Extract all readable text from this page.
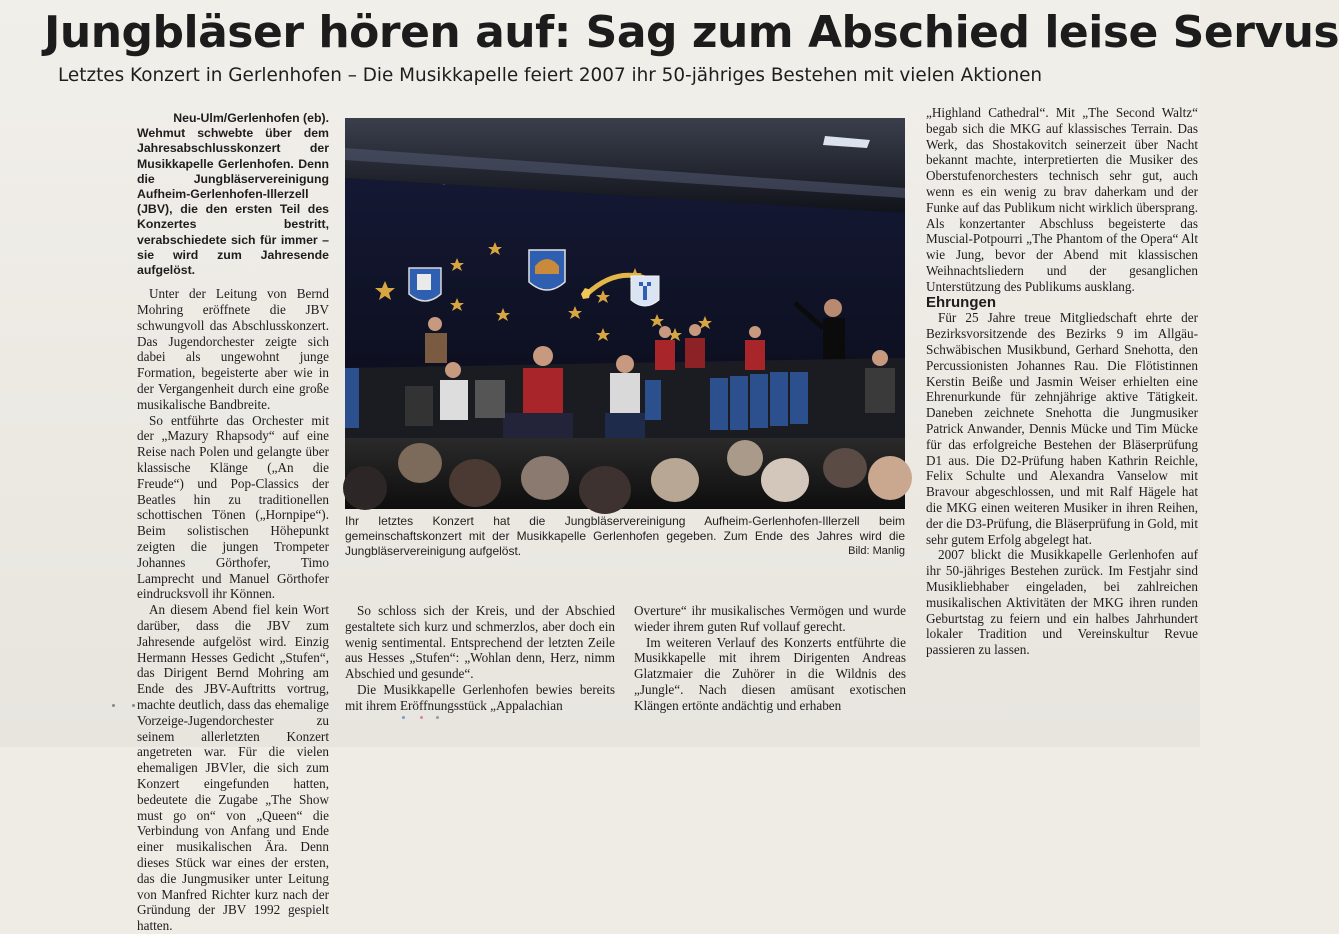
Jungbläser hören auf: Sag zum Abschied leise Servus
Letztes Konzert in Gerlenhofen – Die Musikkapelle feiert 2007 ihr 50-jähriges Bestehen mit vielen Aktionen
Neu-Ulm/Gerlenhofen (eb).

Wehmut schwebte über dem Jahresabschlusskonzert der Musikkapelle Gerlenhofen. Denn die Jungbläservereinigung Aufheim-Gerlenhofen-Illerzell (JBV), die den ersten Teil des Konzertes bestritt, verabschiedete sich für immer – sie wird zum Jahresende aufgelöst.

Unter der Leitung von Bernd Mohring eröffnete die JBV schwungvoll das Abschlusskonzert. Das Jugendorchester zeigte sich dabei als ungewohnt junge Formation, begeisterte aber wie in der Vergangenheit durch eine große musikalische Bandbreite.

So entführte das Orchester mit der „Mazury Rhapsody“ auf eine Reise nach Polen und gelangte über klassische Klänge („An die Freude“) und Pop-Classics der Beatles hin zu traditionellen schottischen Tönen („Hornpipe“). Beim solistischen Höhepunkt zeigten die jungen Trompeter Johannes Görthofer, Timo Lamprecht und Manuel Görthofer eindrucksvoll ihr Können.

An diesem Abend fiel kein Wort darüber, dass die JBV zum Jahresende aufgelöst wird. Einzig Hermann Hesses Gedicht „Stufen“, das Dirigent Bernd Mohring am Ende des JBV-Auftritts vortrug, machte deutlich, dass das ehemalige Vorzeige-Jugendorchester zu seinem allerletzten Konzert angetreten war. Für die vielen ehemaligen JBVler, die sich zum Konzert eingefunden hatten, bedeutete die Zugabe „The Show must go on“ von „Queen“ die Verbindung von Anfang und Ende einer musikalischen Ära. Denn dieses Stück war eines der ersten, das die Jungmusiker unter Leitung von Manfred Richter kurz nach der Gründung der JBV 1992 gespielt hatten.

Ihr letztes Konzert hat die Jungbläservereinigung Aufheim-Gerlenhofen-Illerzell beim gemeinschaftskonzert mit der Musikkapelle Gerlenhofen gegeben. Zum Ende des Jahres wird die Jungbläservereinigung aufgelöst.	Bild: Manlig

So schloss sich der Kreis, und der Abschied gestaltete sich kurz und schmerzlos, aber doch ein wenig sentimental. Entsprechend der letzten Zeile aus Hesses „Stufen“: „Wohlan denn, Herz, nimm Abschied und gesunde“.

Die Musikkapelle Gerlenhofen bewies bereits mit ihrem Eröffnungsstück „Appalachian

Overture“ ihr musikalisches Vermögen und wurde wieder ihrem guten Ruf vollauf gerecht.

Im weiteren Verlauf des Konzerts entführte die Musikkapelle mit ihrem Dirigenten Andreas Glatzmaier die Zuhörer in die Wildnis des „Jungle“. Nach diesen amüsant exotischen Klängen ertönte andächtig und erhaben

„Highland Cathedral“. Mit „The Second Waltz“ begab sich die MKG auf klassisches Terrain. Das Werk, das Shostakovitch seinerzeit über Nacht bekannt machte, interpretierten die Musiker des Oberstufenorchesters technisch sehr gut, auch wenn es ein wenig zu brav daherkam und der Funke auf das Publikum nicht wirklich übersprang. Als konzertanter Abschluss begeisterte das Muscial-Potpourri „The Phantom of the Opera“ Alt wie Jung, bevor der Abend mit klassischen Weihnachtsliedern und der gesanglichen Unterstützung des Publikums ausklang.

Ehrungen

Für 25 Jahre treue Mitgliedschaft ehrte der Bezirksvorsitzende des Bezirks 9 im Allgäu-Schwäbischen Musikbund, Gerhard Snehotta, den Percussionisten Johannes Rau. Die Flötistinnen Kerstin Beiße und Jasmin Weiser erhielten eine Ehrenurkunde für zehnjährige aktive Tätigkeit. Daneben zeichnete Snehotta die Jungmusiker Patrick Anwander, Dennis Mücke und Tim Mücke für das erfolgreiche Bestehen der Bläserprüfung D1 aus. Die D2-Prüfung haben Kathrin Reichle, Felix Schulte und Alexandra Vanselow mit Bravour abgeschlossen, und mit Ralf Hägele hat die MKG einen weiteren Musiker in ihren Reihen, der die D3-Prüfung, die Bläserprüfung in Gold, mit sehr gutem Erfolg abgelegt hat.

2007 blickt die Musikkapelle Gerlenhofen auf ihr 50-jähriges Bestehen zurück. Im Festjahr sind Musikliebhaber eingeladen, bei zahlreichen musikalischen Aktivitäten der MKG ihren runden Geburtstag zu feiern und ein halbes Jahrhundert lokaler Tradition und Vereinskultur Revue passieren zu lassen.
